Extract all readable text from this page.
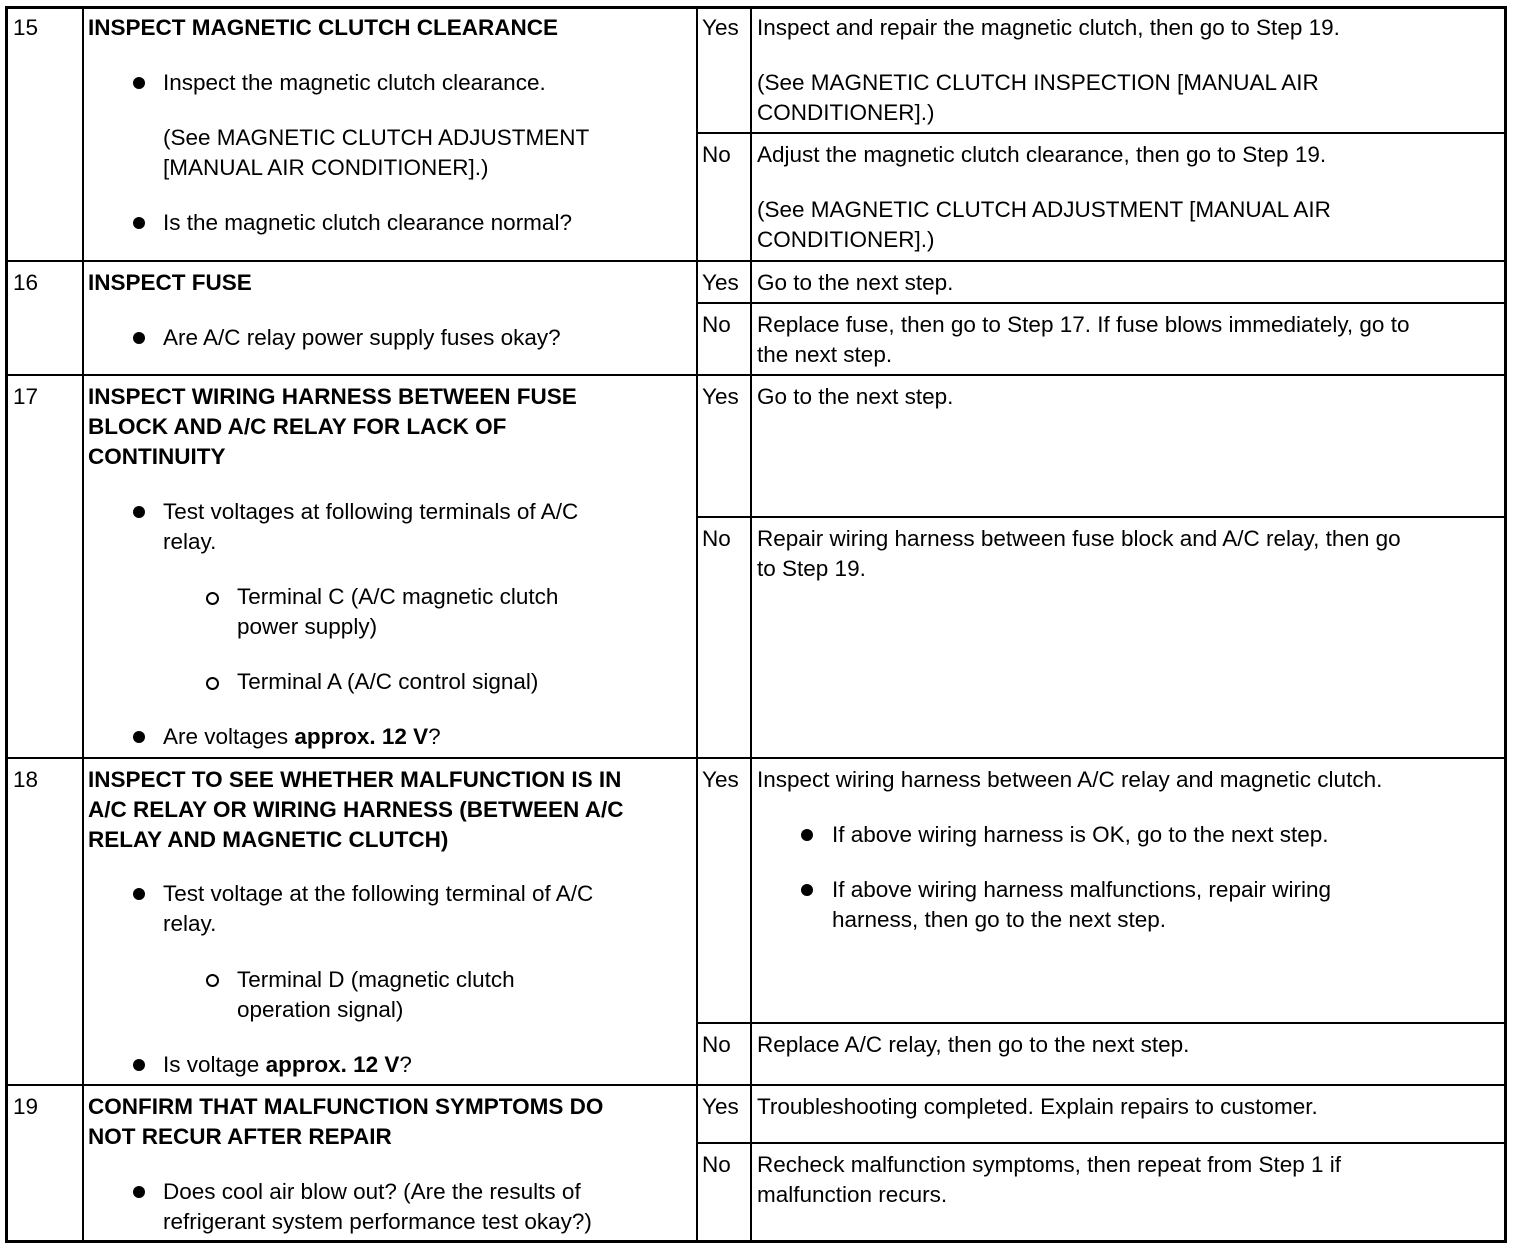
15 INSPECT MAGNETIC CLUTCH CLEARANCE
Inspect the magnetic clutch clearance.
(See MAGNETIC CLUTCH ADJUSTMENT
[MANUAL AIR CONDITIONER].)
Is the magnetic clutch clearance normal?
Yes Inspect and repair the magnetic clutch, then go to Step 19.
(See MAGNETIC CLUTCH INSPECTION [MANUAL AIR
CONDITIONER].)
No Adjust the magnetic clutch clearance, then go to Step 19.
(See MAGNETIC CLUTCH ADJUSTMENT [MANUAL AIR
CONDITIONER].)
16 INSPECT FUSE
Are A/C relay power supply fuses okay?
Yes Go to the next step.
No Replace fuse, then go to Step 17. If fuse blows immediately, go to
the next step.
17 INSPECT WIRING HARNESS BETWEEN FUSE
BLOCK AND A/C RELAY FOR LACK OF
CONTINUITY
Test voltages at following terminals of A/C
relay.
Terminal C (A/C magnetic clutch
power supply)
Terminal A (A/C control signal)
Are voltages approx. 12 V?
Yes Go to the next step.
No Repair wiring harness between fuse block and A/C relay, then go
to Step 19.
18 INSPECT TO SEE WHETHER MALFUNCTION IS IN
A/C RELAY OR WIRING HARNESS (BETWEEN A/C
RELAY AND MAGNETIC CLUTCH)
Test voltage at the following terminal of A/C
relay.
Terminal D (magnetic clutch
operation signal)
Is voltage approx. 12 V?
Yes Inspect wiring harness between A/C relay and magnetic clutch.
If above wiring harness is OK, go to the next step.
If above wiring harness malfunctions, repair wiring
harness, then go to the next step.
No Replace A/C relay, then go to the next step.
19 CONFIRM THAT MALFUNCTION SYMPTOMS DO
NOT RECUR AFTER REPAIR
Does cool air blow out? (Are the results of
refrigerant system performance test okay?)
Yes Troubleshooting completed. Explain repairs to customer.
No Recheck malfunction symptoms, then repeat from Step 1 if
malfunction recurs.
